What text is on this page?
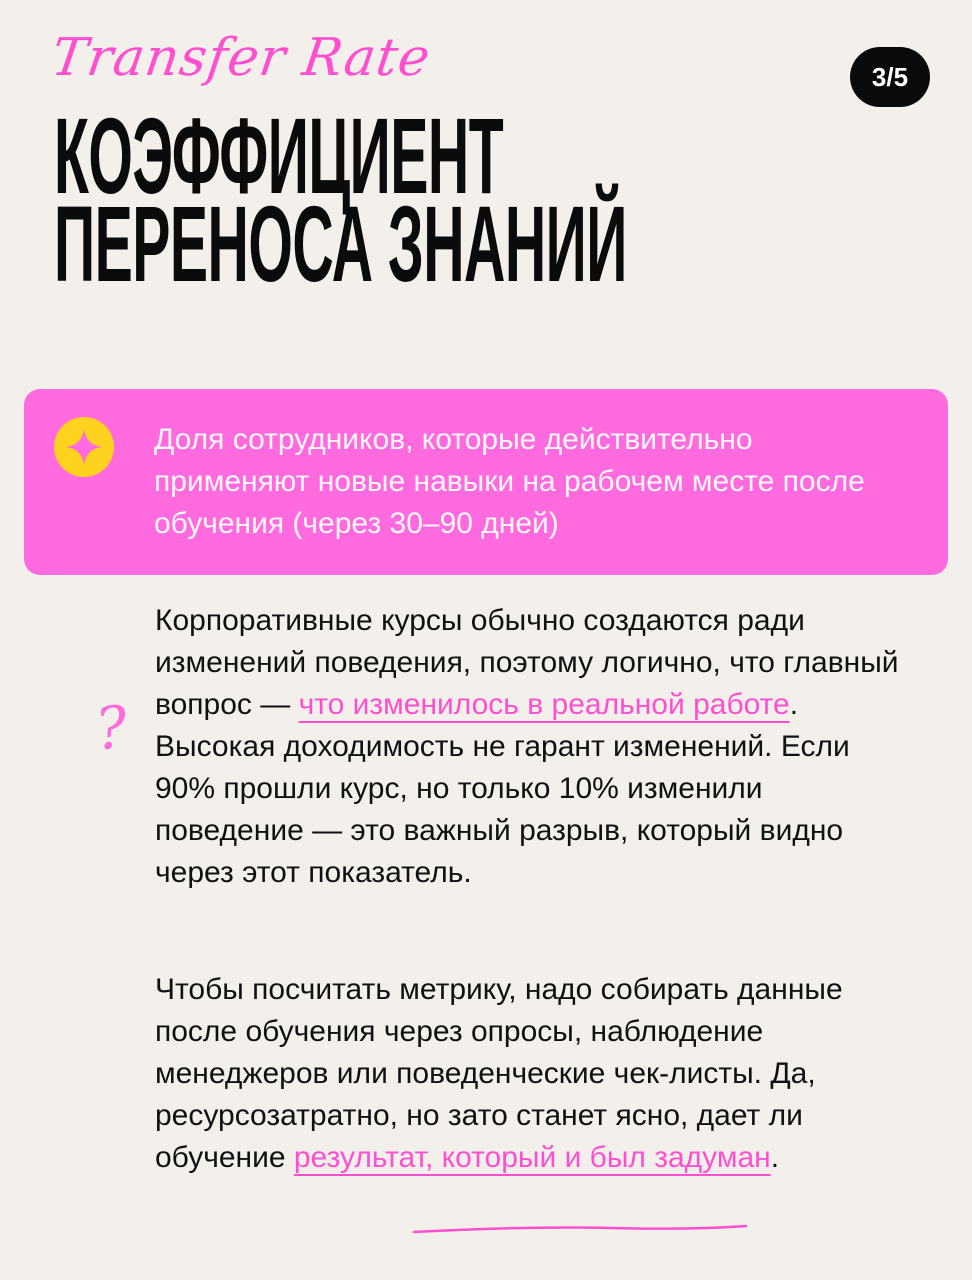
Transfer Rate	3/5
КОЭФФИЦИЕНТ
ПЕРЕНОСА ЗНАНИЙ
Доля сотрудников, которые действительно применяют новые навыки на рабочем месте после обучения (через 30–90 дней)
?

Корпоративные курсы обычно создаются ради изменений поведения, поэтому логично, что главный вопрос — что изменилось в реальной работе. Высокая доходимость не гарант изменений. Если 90% прошли курс, но только 10% изменили поведение — это важный разрыв, который видно через этот показатель.

Чтобы посчитать метрику, надо собирать данные после обучения через опросы, наблюдение менеджеров или поведенческие чек-листы. Да, ресурсозатратно, но зато станет ясно, дает ли обучение результат, который и был задуман.
